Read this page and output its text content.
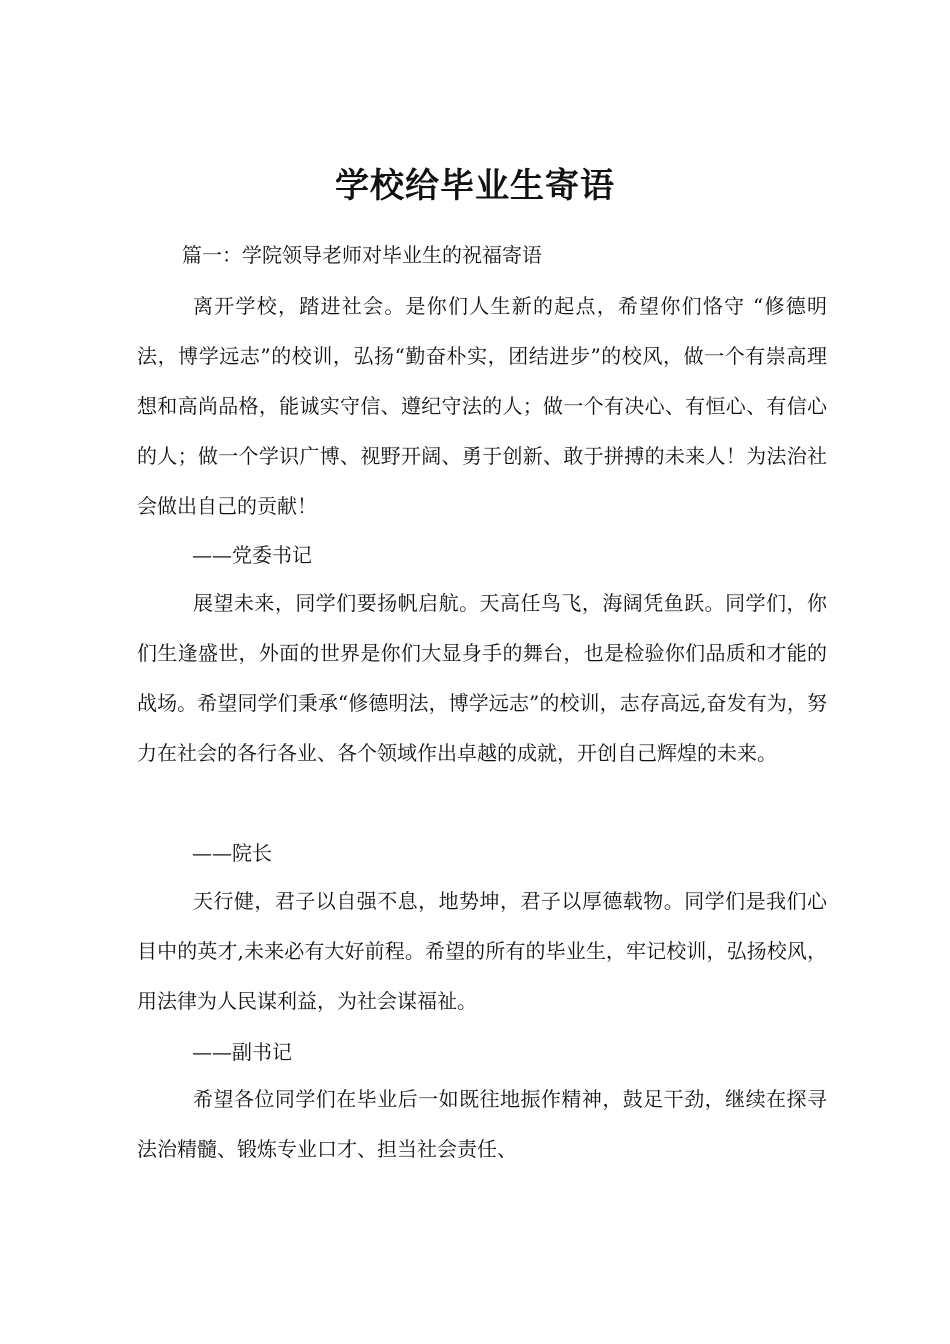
学校给毕业生寄语
篇一：学院领导老师对毕业生的祝福寄语

离开学校，踏进社会。是你们人生新的起点，希望你们恪守 “修德明法，博学远志”的校训，弘扬“勤奋朴实，团结进步”的校风，做一个有崇高理想和高尚品格，能诚实守信、遵纪守法的人；做一个有决心、有恒心、有信心的人；做一个学识广博、视野开阔、勇于创新、敢于拼搏的未来人！为法治社会做出自己的贡献！

——党委书记

展望未来，同学们要扬帆启航。天高任鸟飞，海阔凭鱼跃。同学们，你们生逢盛世，外面的世界是你们大显身手的舞台，也是检验你们品质和才能的战场。希望同学们秉承“修德明法，博学远志”的校训，志存高远,奋发有为，努力在社会的各行各业、各个领域作出卓越的成就，开创自己辉煌的未来。

——院长

天行健，君子以自强不息，地势坤，君子以厚德载物。同学们是我们心目中的英才,未来必有大好前程。希望的所有的毕业生，牢记校训，弘扬校风，用法律为人民谋利益，为社会谋福祉。

——副书记

希望各位同学们在毕业后一如既往地振作精神，鼓足干劲，继续在探寻法治精髓、锻炼专业口才、担当社会责任、
